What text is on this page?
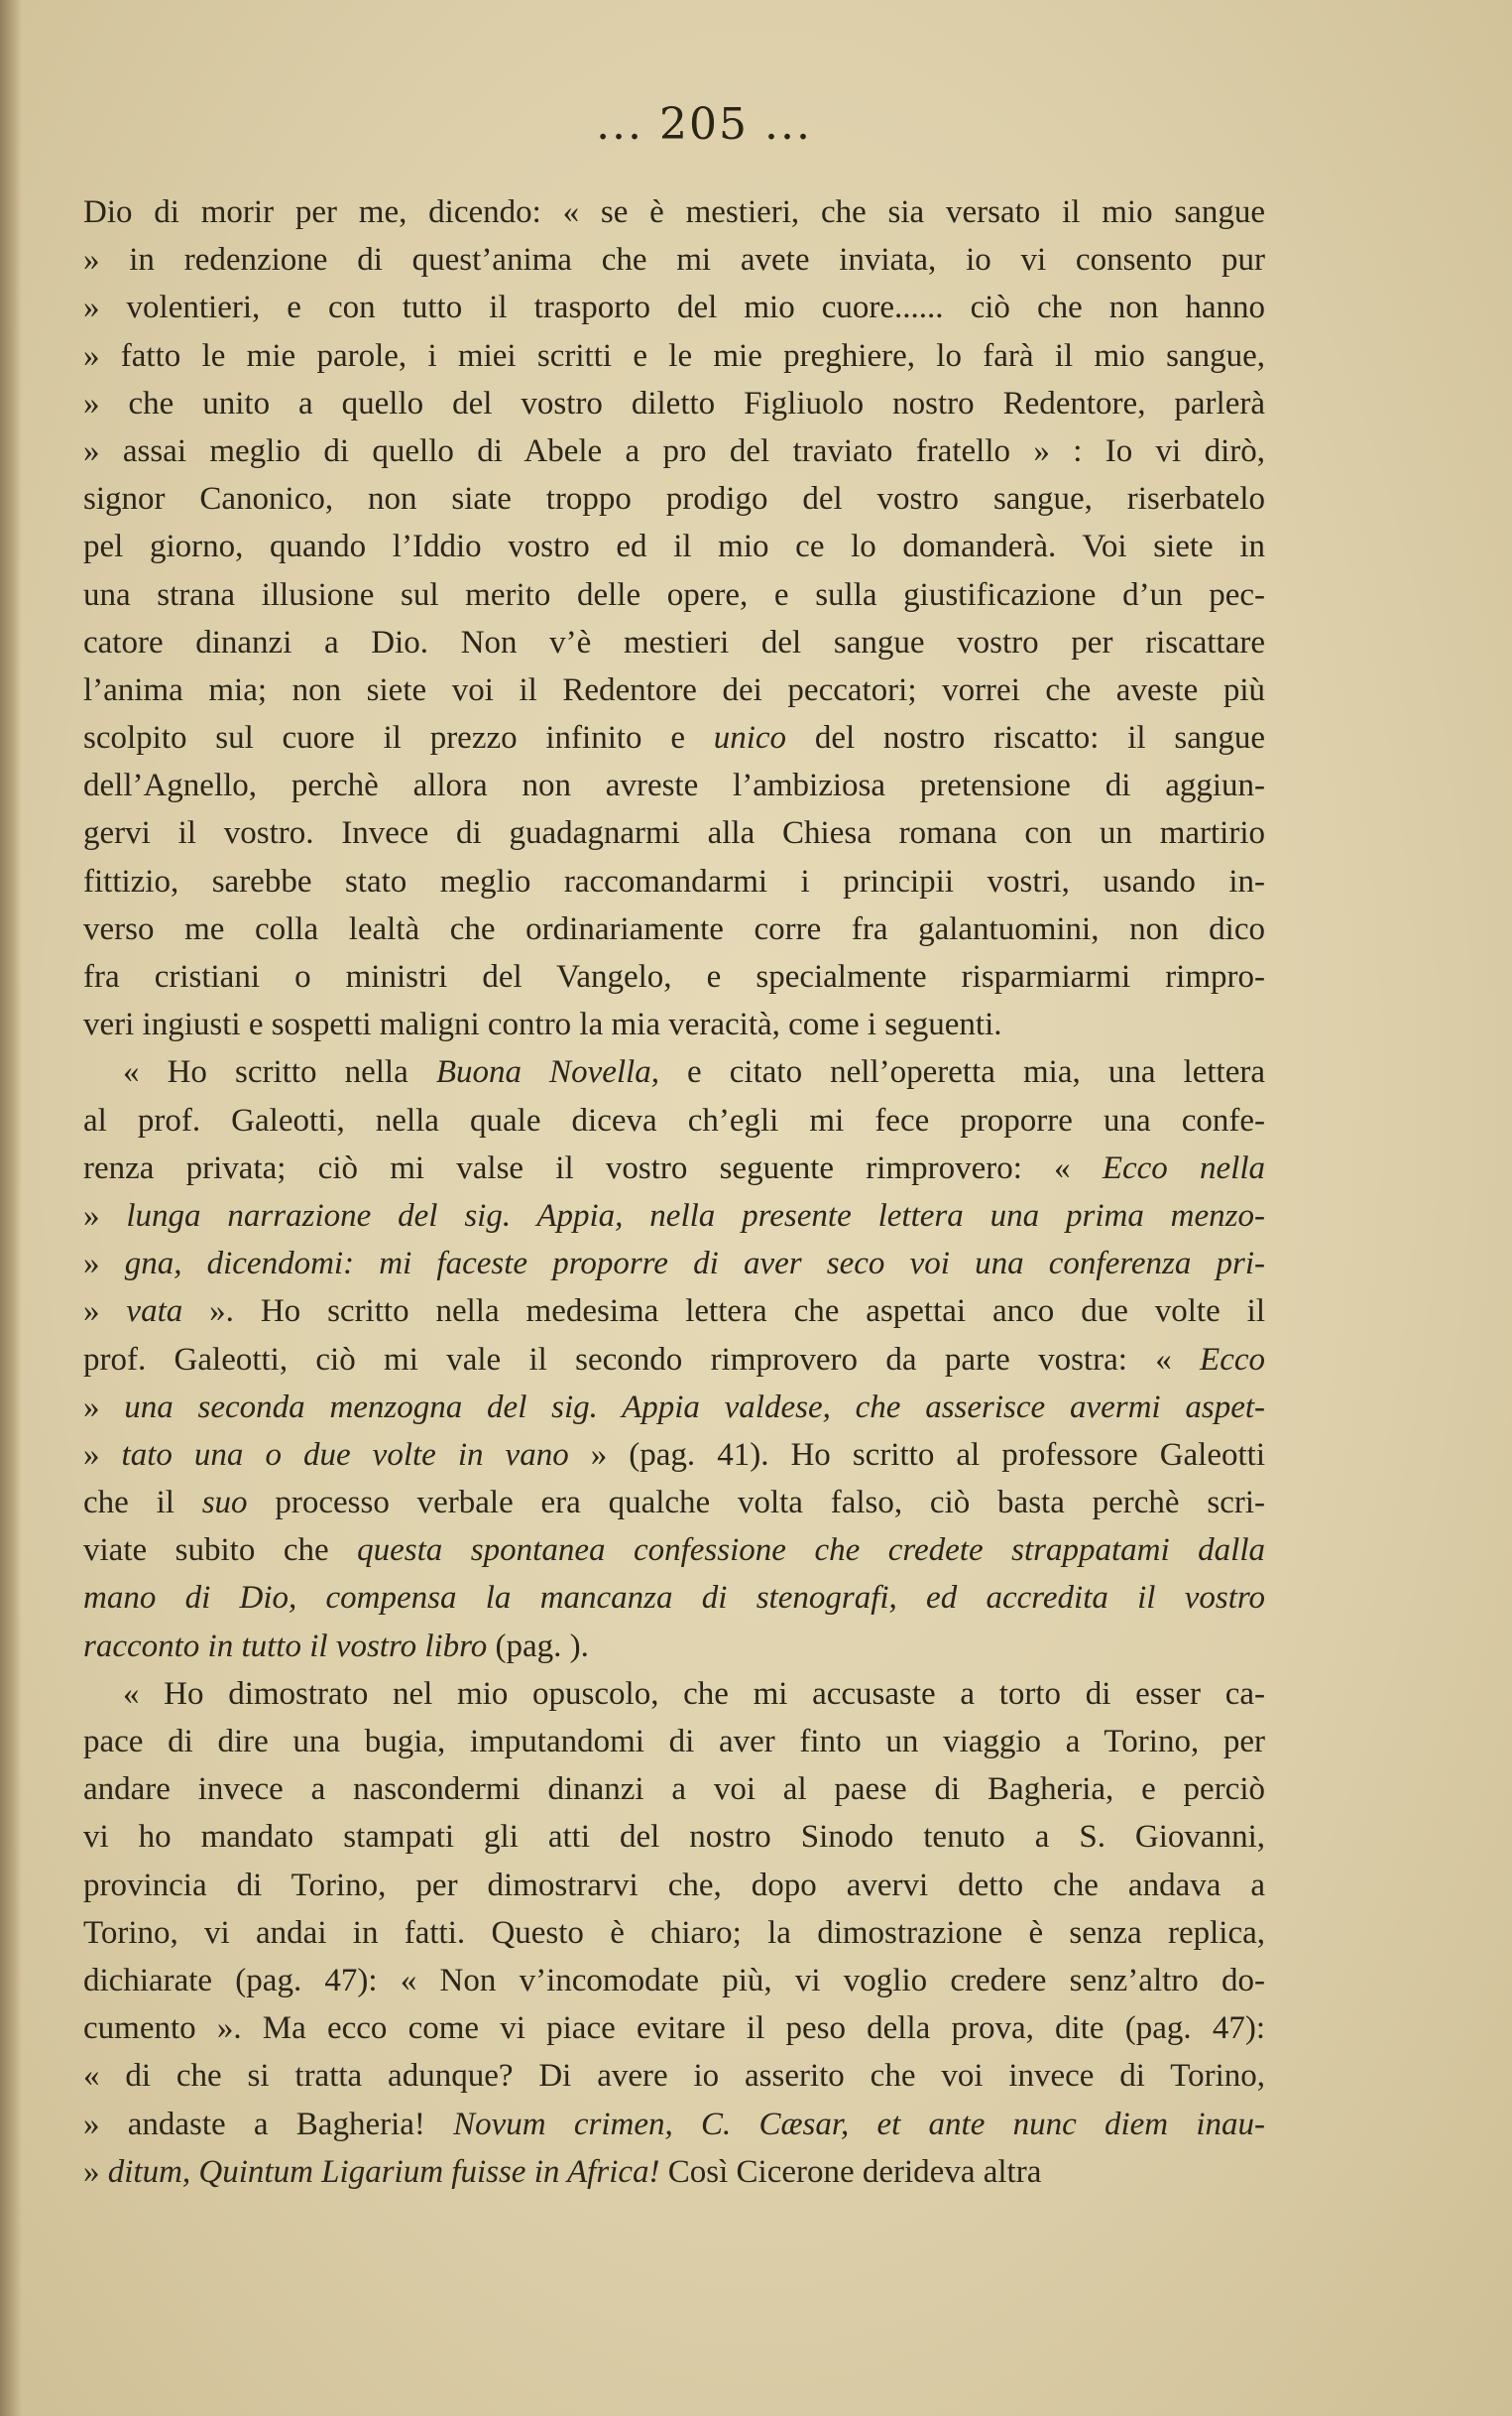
... 205 ...
Dio di morir per me, dicendo: « se è mestieri, che sia versato il mio sangue
» in redenzione di quest’anima che mi avete inviata, io vi consento pur
» volentieri, e con tutto il trasporto del mio cuore...... ciò che non hanno
» fatto le mie parole, i miei scritti e le mie preghiere, lo farà il mio sangue,
» che unito a quello del vostro diletto Figliuolo nostro Redentore, parlerà
» assai meglio di quello di Abele a pro del traviato fratello » : Io vi dirò,
signor Canonico, non siate troppo prodigo del vostro sangue, riserbatelo
pel giorno, quando l’Iddio vostro ed il mio ce lo domanderà. Voi siete in
una strana illusione sul merito delle opere, e sulla giustificazione d’un pec-
catore dinanzi a Dio. Non v’è mestieri del sangue vostro per riscattare
l’anima mia; non siete voi il Redentore dei peccatori; vorrei che aveste più
scolpito sul cuore il prezzo infinito e unico del nostro riscatto: il sangue
dell’Agnello, perchè allora non avreste l’ambiziosa pretensione di aggiun-
gervi il vostro. Invece di guadagnarmi alla Chiesa romana con un martirio
fittizio, sarebbe stato meglio raccomandarmi i principii vostri, usando in-
verso me colla lealtà che ordinariamente corre fra galantuomini, non dico
fra cristiani o ministri del Vangelo, e specialmente risparmiarmi rimpro-
veri ingiusti e sospetti maligni contro la mia veracità, come i seguenti.
« Ho scritto nella Buona Novella, e citato nell’operetta mia, una lettera
al prof. Galeotti, nella quale diceva ch’egli mi fece proporre una confe-
renza privata; ciò mi valse il vostro seguente rimprovero: « Ecco nella
» lunga narrazione del sig. Appia, nella presente lettera una prima menzo-
» gna, dicendomi: mi faceste proporre di aver seco voi una conferenza pri-
» vata ». Ho scritto nella medesima lettera che aspettai anco due volte il
prof. Galeotti, ciò mi vale il secondo rimprovero da parte vostra: « Ecco
» una seconda menzogna del sig. Appia valdese, che asserisce avermi aspet-
» tato una o due volte in vano » (pag. 41). Ho scritto al professore Galeotti
che il suo processo verbale era qualche volta falso, ciò basta perchè scri-
viate subito che questa spontanea confessione che credete strappatami dalla
mano di Dio, compensa la mancanza di stenografi, ed accredita il vostro
racconto in tutto il vostro libro (pag. ).
« Ho dimostrato nel mio opuscolo, che mi accusaste a torto di esser ca-
pace di dire una bugia, imputandomi di aver finto un viaggio a Torino, per
andare invece a nascondermi dinanzi a voi al paese di Bagheria, e perciò
vi ho mandato stampati gli atti del nostro Sinodo tenuto a S. Giovanni,
provincia di Torino, per dimostrarvi che, dopo avervi detto che andava a
Torino, vi andai in fatti. Questo è chiaro; la dimostrazione è senza replica,
dichiarate (pag. 47): « Non v’incomodate più, vi voglio credere senz’altro do-
cumento ». Ma ecco come vi piace evitare il peso della prova, dite (pag. 47):
« di che si tratta adunque? Di avere io asserito che voi invece di Torino,
» andaste a Bagheria! Novum crimen, C. Cæsar, et ante nunc diem inau-
» ditum, Quintum Ligarium fuisse in Africa! Così Cicerone derideva altra
